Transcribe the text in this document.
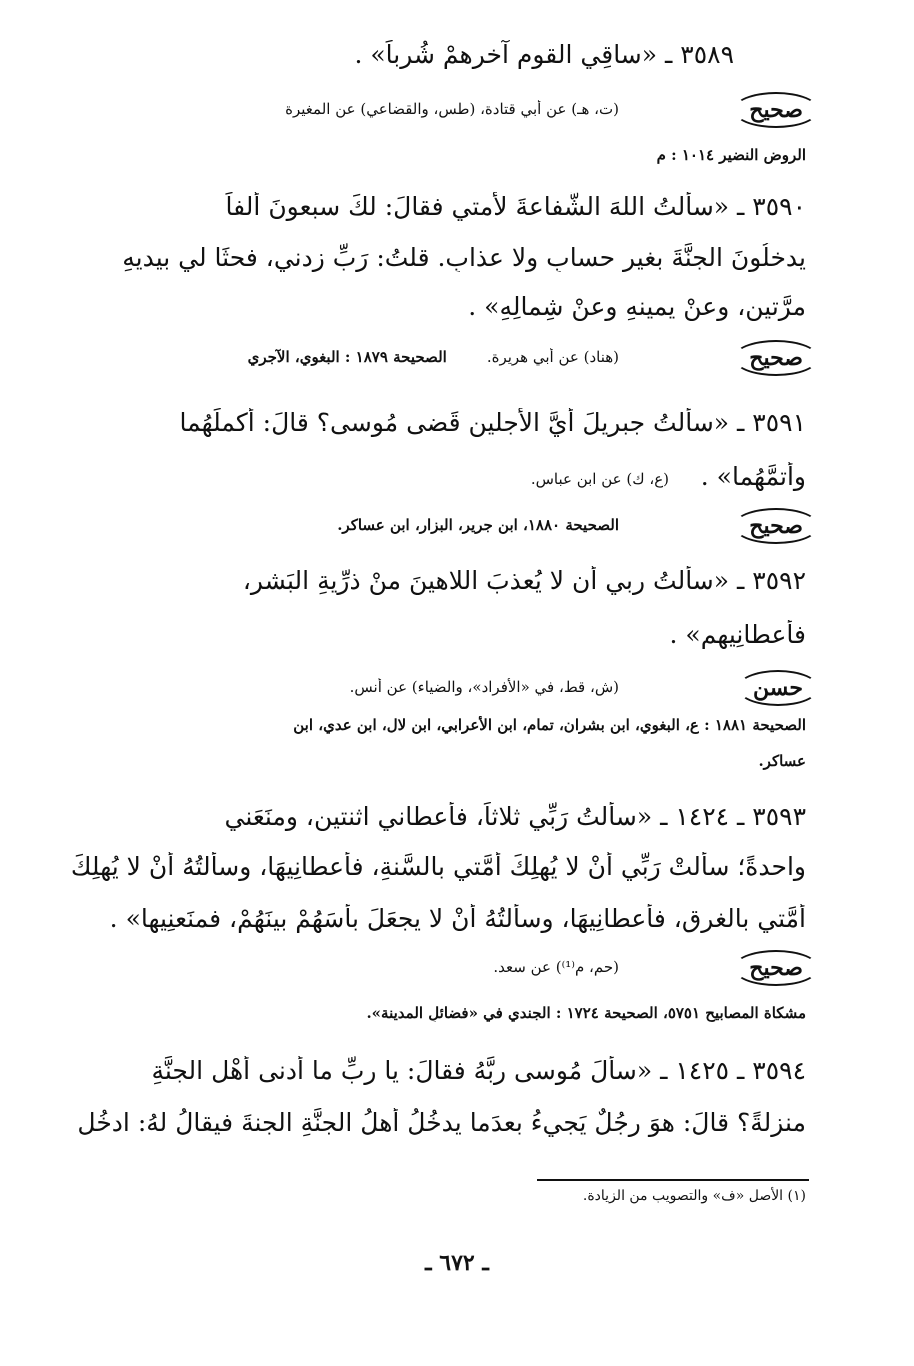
٣٥٨٩ ـ «ساقِي القومِ آخرِهمْ شُرباً» .
صحيح
(ت، هـ) عن أبي قتادة، (طس، والقضاعي) عن المغيرة
الروض النضير ١٠١٤ : م
٣٥٩٠ ـ «سألتُ اللهَ الشَّفاعةَ لأُمتي فقالَ: لكَ سبعونَ ألفاً
يدخلُونَ الجنَّةَ بغيرِ حسابٍ ولا عذابٍ. قلتُ: رَبِّ زدني، فحثَا لي بيديهِ
مرَّتين، وعنْ يمينهِ وعنْ شِمالِهِ» .
صحيح
(هناد) عن أبي هريرة.الصحيحة ١٨٧٩ : البغوي، الآجري
٣٥٩١ ـ «سألتُ جبريلَ أيَّ الأجلينِ قَضى مُوسى؟ قالَ: أكملَهُما
وأتمَّهُما» .
(ع، ك) عن ابن عباس.
صحيح
الصحيحة ١٨٨٠، ابن جرير، البزار، ابن عساكر.
٣٥٩٢ ـ «سألتُ ربي أن لا يُعذبَ اللاهينَ منْ ذرِّيةِ البَشرِ،
فأعطانِيهم» .
حسن
(ش، قط، في «الأفراد»، والضياء) عن أنس.
الصحيحة ١٨٨١ : ع، البغوي، ابن بشران، تمام، ابن الأعرابي، ابن لال، ابن عدي، ابن
عساكر.
٣٥٩٣ ـ ١٤٢٤ ـ «سألتُ رَبِّي ثلاثاً، فأعطاني اثنتينِ، ومنَعَني
واحدةً؛ سألتْ رَبِّي أنْ لا يُهلِكَ أُمَّتي بالسَّنةِ، فأعطانِيهَا، وسألتُهُ أنْ لا يُهلِكَ
أُمَّتي بالغرقِ، فأعطانِيهَا، وسألتُهُ أنْ لا يجعَلَ بأسَهُمْ بينَهُمْ، فمنَعنِيها» .
صحيح
(حم، م⁽¹⁾) عن سعد.
مشكاة المصابيح ٥٧٥١، الصحيحة ١٧٢٤ : الجندي في «فضائلِ المدينة».
٣٥٩٤ ـ ١٤٢٥ ـ «سألَ مُوسى ربَّهُ فقالَ: يا ربِّ ما أدنى أهْلِ الجنَّةِ
منزِلةً؟ قالَ: هوَ رجُلٌ يَجيءُ بعدَما يدخُلُ أهلُ الجنَّةِ الجنةَ فيقالُ لهُ: ادخُلِ
(١) الأصل «ف» والتصويب من الزيادة.
ـ ٦٧٢ ـ
